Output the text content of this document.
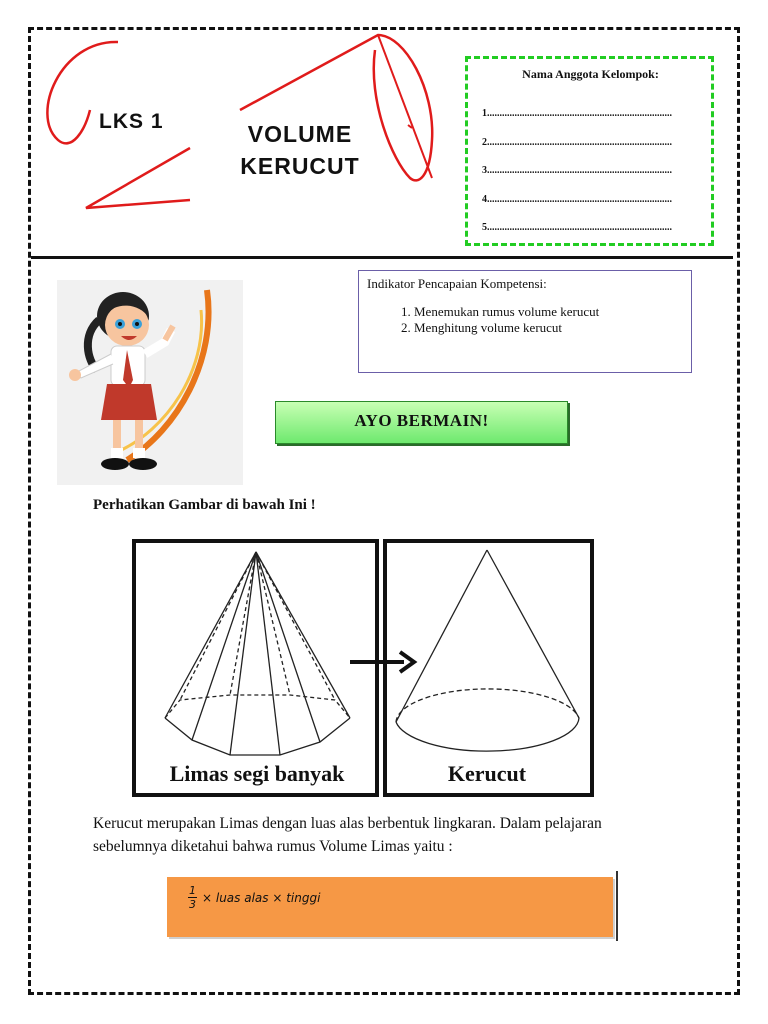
LKS 1	VOLUME
KERUCUT
Nama Anggota Kelompok:
1..........................................................................
2..........................................................................
3..........................................................................
4..........................................................................
5..........................................................................
Indikator Pencapaian Kompetensi:
1. Menemukan rumus volume kerucut
2. Menghitung volume kerucut
AYO BERMAIN!
Perhatikan Gambar di bawah Ini !
Limas segi banyak	Kerucut
Kerucut merupakan Limas dengan luas alas berbentuk lingkaran. Dalam pelajaran sebelumnya diketahui bahwa rumus Volume Limas yaitu :
$\frac{1}{3}$ × luas alas × tinggi
